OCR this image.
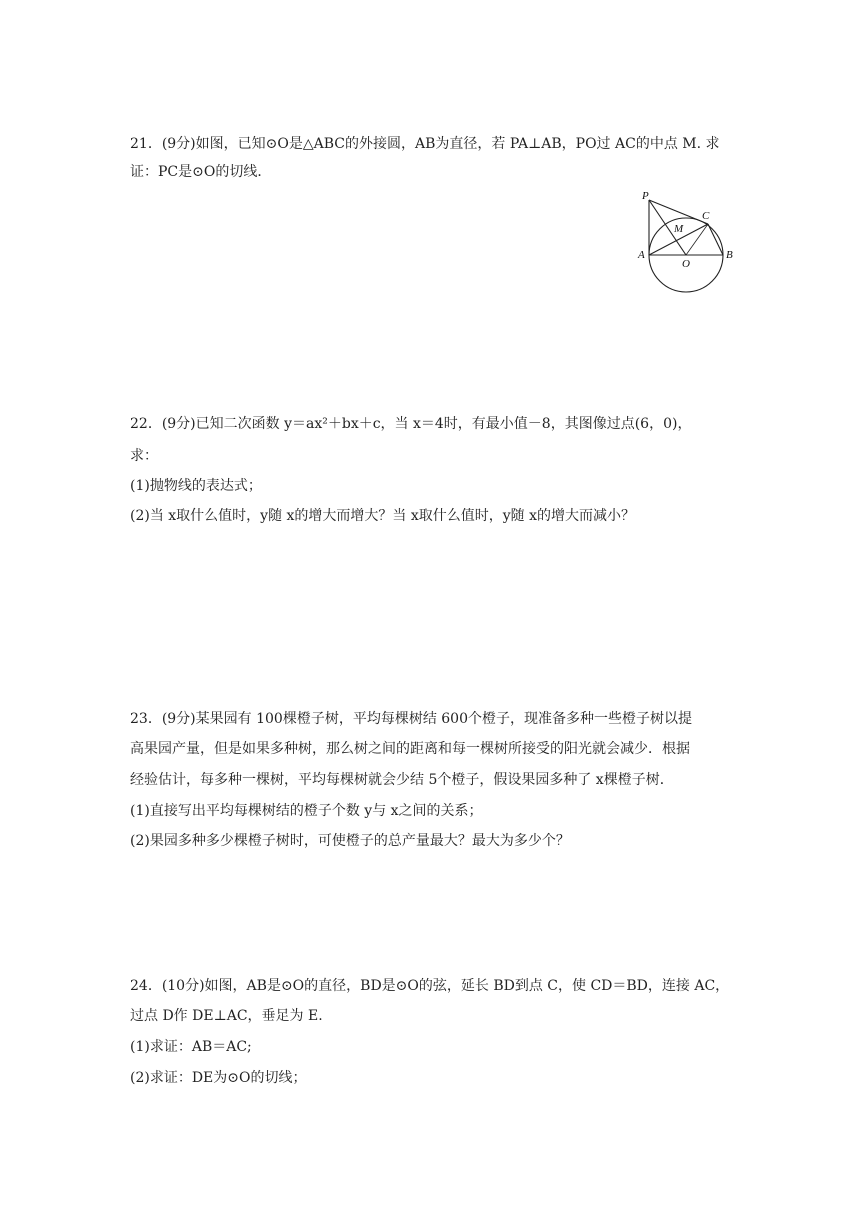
21．(9分)如图，已知⊙O是△ABC的外接圆，AB为直径，若 PA⊥AB，PO过 AC的中点 M. 求
证：PC是⊙O的切线．
P
C
M
A
O
B
22．(9分)已知二次函数 y＝ax²＋bx＋c，当 x＝4时，有最小值－8，其图像过点(6，0)，
求：
(1)抛物线的表达式；
(2)当 x取什么值时，y随 x的增大而增大？当 x取什么值时，y随 x的增大而减小？
23．(9分)某果园有 100棵橙子树，平均每棵树结 600个橙子，现准备多种一些橙子树以提
高果园产量，但是如果多种树，那么树之间的距离和每一棵树所接受的阳光就会减少．根据
经验估计，每多种一棵树，平均每棵树就会少结 5个橙子，假设果园多种了 x棵橙子树．
(1)直接写出平均每棵树结的橙子个数 y与 x之间的关系；
(2)果园多种多少棵橙子树时，可使橙子的总产量最大？最大为多少个？
24．(10分)如图，AB是⊙O的直径，BD是⊙O的弦，延长 BD到点 C，使 CD＝BD，连接 AC，
过点 D作 DE⊥AC，垂足为 E.
(1)求证：AB＝AC;
(2)求证：DE为⊙O的切线；
